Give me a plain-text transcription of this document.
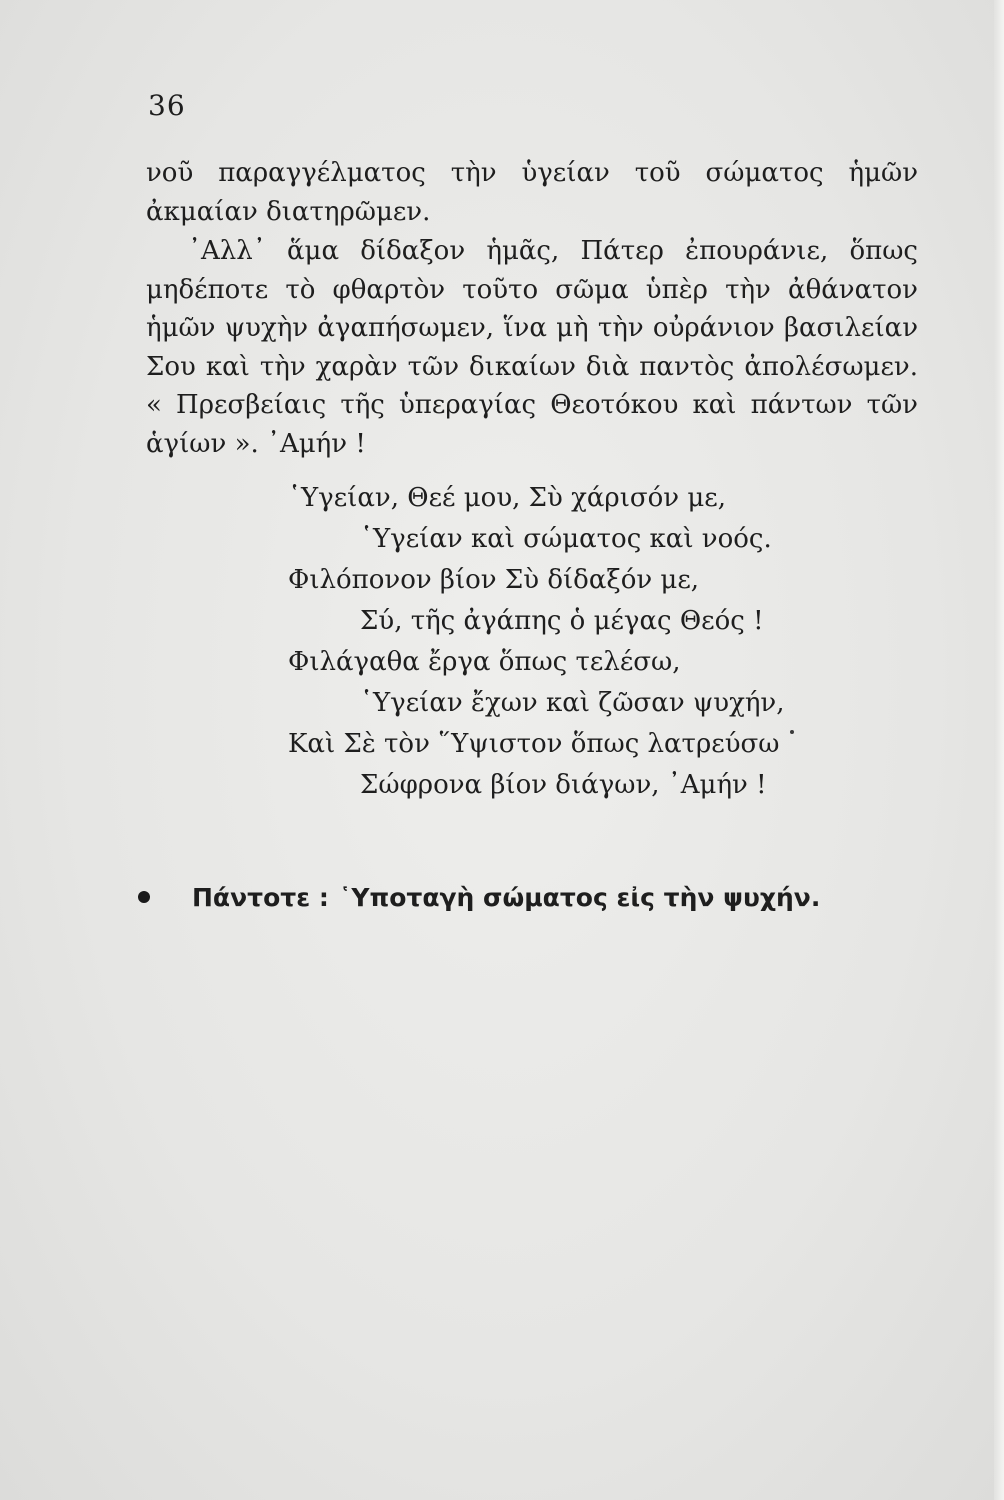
36

νοῦ παραγγέλματος τὴν ὑγείαν τοῦ σώματος ἡμῶν ἀκμαίαν διατηρῶμεν.

᾿Αλλ᾿ ἅμα δίδαξον ἡμᾶς, Πάτερ ἐπουράνιε, ὅπως μηδέποτε τὸ φθαρτὸν τοῦτο σῶμα ὑπὲρ τὴν ἀθάνατον ἡμῶν ψυχὴν ἀγαπήσωμεν, ἵνα μὴ τὴν οὐράνιον βασιλείαν Σου καὶ τὴν χαρὰν τῶν δικαίων διὰ παντὸς ἀπολέσωμεν. « Πρεσβείαις τῆς ὑπεραγίας Θεοτόκου καὶ πάντων τῶν ἁγίων ». ᾿Αμήν !

῾Υγείαν, Θεέ μου, Σὺ χάρισόν με,
῾Υγείαν καὶ σώματος καὶ νοός.
Φιλόπονον βίον Σὺ δίδαξόν με,
Σύ, τῆς ἀγάπης ὁ μέγας Θεός !
Φιλάγαθα ἔργα ὅπως τελέσω,
῾Υγείαν ἔχων καὶ ζῶσαν ψυχήν,
Καὶ Σὲ τὸν ῞Υψιστον ὅπως λατρεύσω
Σώφρονα βίον διάγων, ᾿Αμήν !
Πάντοτε : ῾Υποταγὴ σώματος εἰς τὴν ψυχήν.
